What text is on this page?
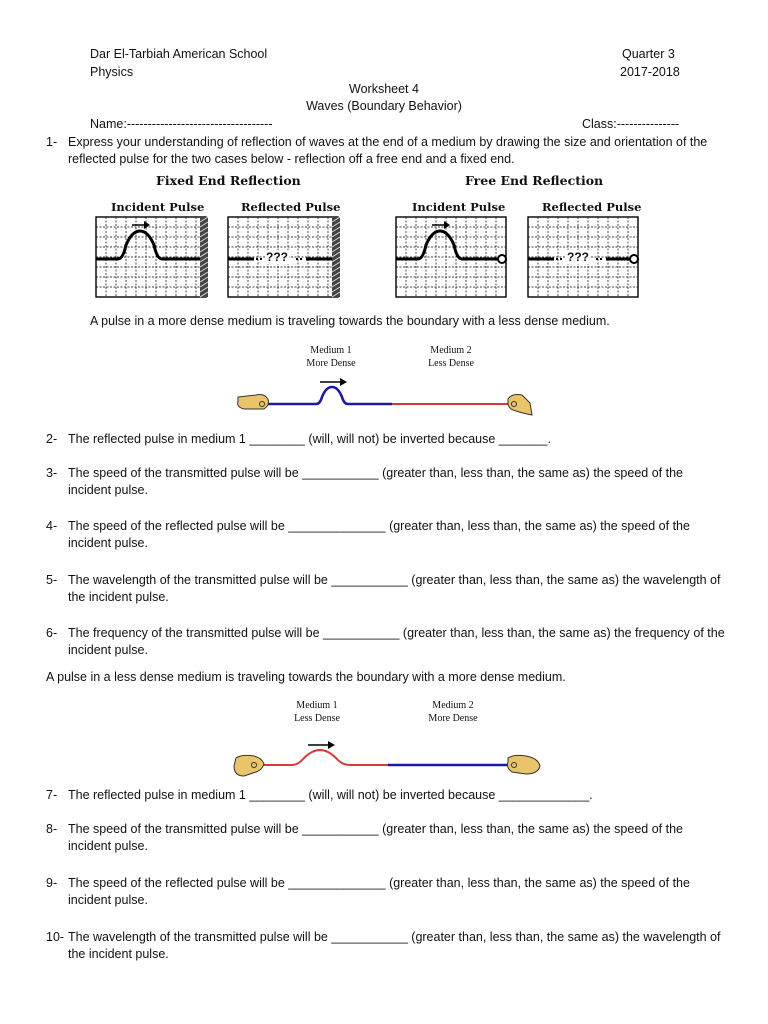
Dar El-Tarbiah American School
Physics
Quarter 3
2017-2018
Worksheet 4
Waves (Boundary Behavior)
Name:-----------------------------------	Class:---------------
1- Express your understanding of reflection of waves at the end of a medium by drawing the size and orientation of the reflected pulse for the two cases below - reflection off a free end and a fixed end.
Fixed End Reflection	Free End Reflection
Incident Pulse	Reflected Pulse	Incident Pulse	Reflected Pulse
???	???
A pulse in a more dense medium is traveling towards the boundary with a less dense medium.
Medium 1
More Dense
Medium 2
Less Dense
2- The reflected pulse in medium 1 ________ (will, will not) be inverted because _______.
3- The speed of the transmitted pulse will be ___________ (greater than, less than, the same as) the speed of the incident pulse.
4- The speed of the reflected pulse will be ______________ (greater than, less than, the same as) the speed of the incident pulse.
5- The wavelength of the transmitted pulse will be ___________ (greater than, less than, the same as) the wavelength of the incident pulse.
6- The frequency of the transmitted pulse will be ___________ (greater than, less than, the same as) the frequency of the incident pulse.
A pulse in a less dense medium is traveling towards the boundary with a more dense medium.
Medium 1
Less Dense
Medium 2
More Dense
7- The reflected pulse in medium 1 ________ (will, will not) be inverted because _____________.
8- The speed of the transmitted pulse will be ___________ (greater than, less than, the same as) the speed of the incident pulse.
9- The speed of the reflected pulse will be ______________ (greater than, less than, the same as) the speed of the incident pulse.
10- The wavelength of the transmitted pulse will be ___________ (greater than, less than, the same as) the wavelength of the incident pulse.
